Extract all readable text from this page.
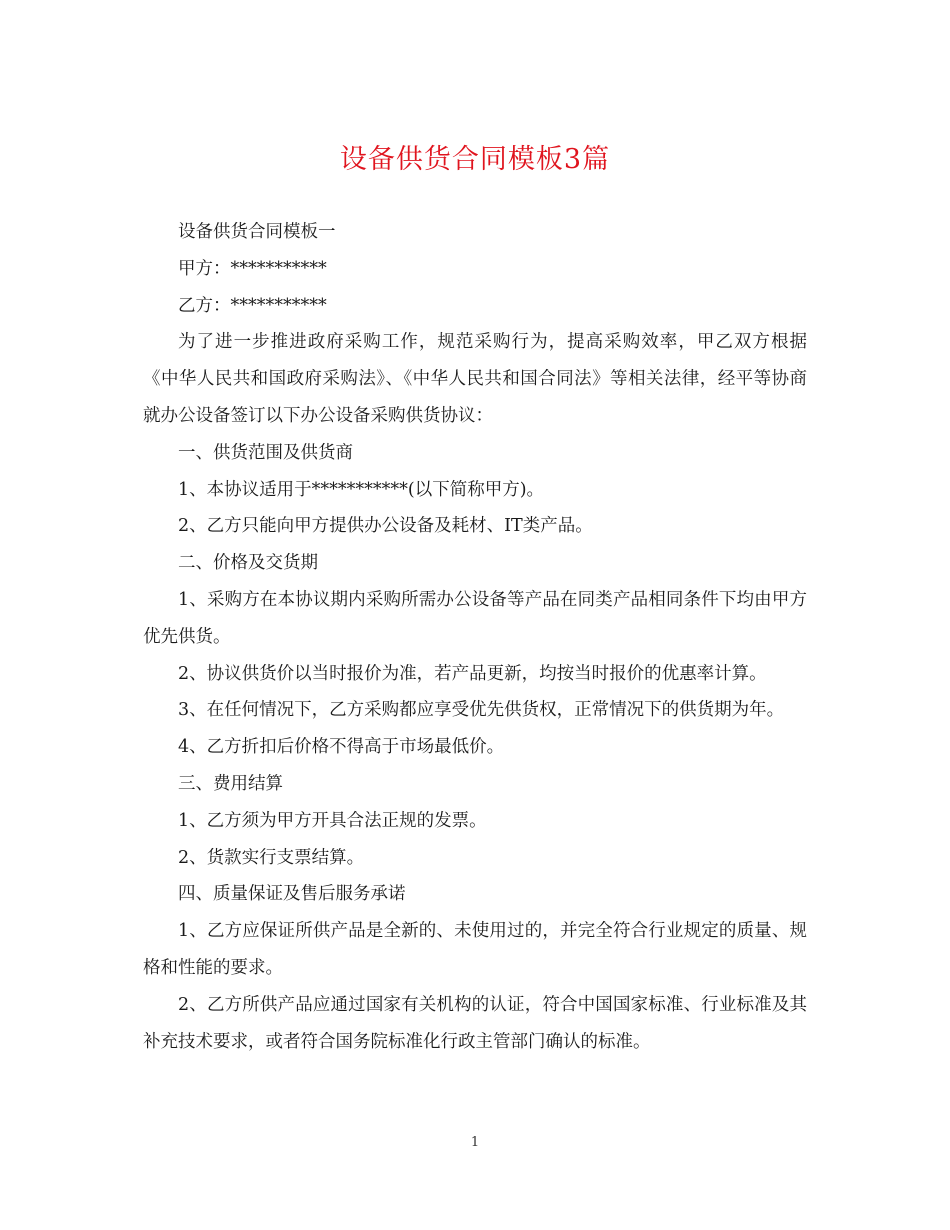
设备供货合同模板3篇

设备供货合同模板一

甲方：***********

乙方：***********

为了进一步推进政府采购工作，规范采购行为，提高采购效率，甲乙双方根据《中华人民共和国政府采购法》、《中华人民共和国合同法》等相关法律，经平等协商就办公设备签订以下办公设备采购供货协议：

一、供货范围及供货商

1、本协议适用于***********(以下简称甲方)。

2、乙方只能向甲方提供办公设备及耗材、IT类产品。

二、价格及交货期

1、采购方在本协议期内采购所需办公设备等产品在同类产品相同条件下均由甲方优先供货。

2、协议供货价以当时报价为准，若产品更新，均按当时报价的优惠率计算。

3、在任何情况下，乙方采购都应享受优先供货权，正常情况下的供货期为年。

4、乙方折扣后价格不得高于市场最低价。

三、费用结算

1、乙方须为甲方开具合法正规的发票。

2、货款实行支票结算。

四、质量保证及售后服务承诺

1、乙方应保证所供产品是全新的、未使用过的，并完全符合行业规定的质量、规格和性能的要求。

2、乙方所供产品应通过国家有关机构的认证，符合中国国家标准、行业标准及其补充技术要求，或者符合国务院标准化行政主管部门确认的标准。

1
